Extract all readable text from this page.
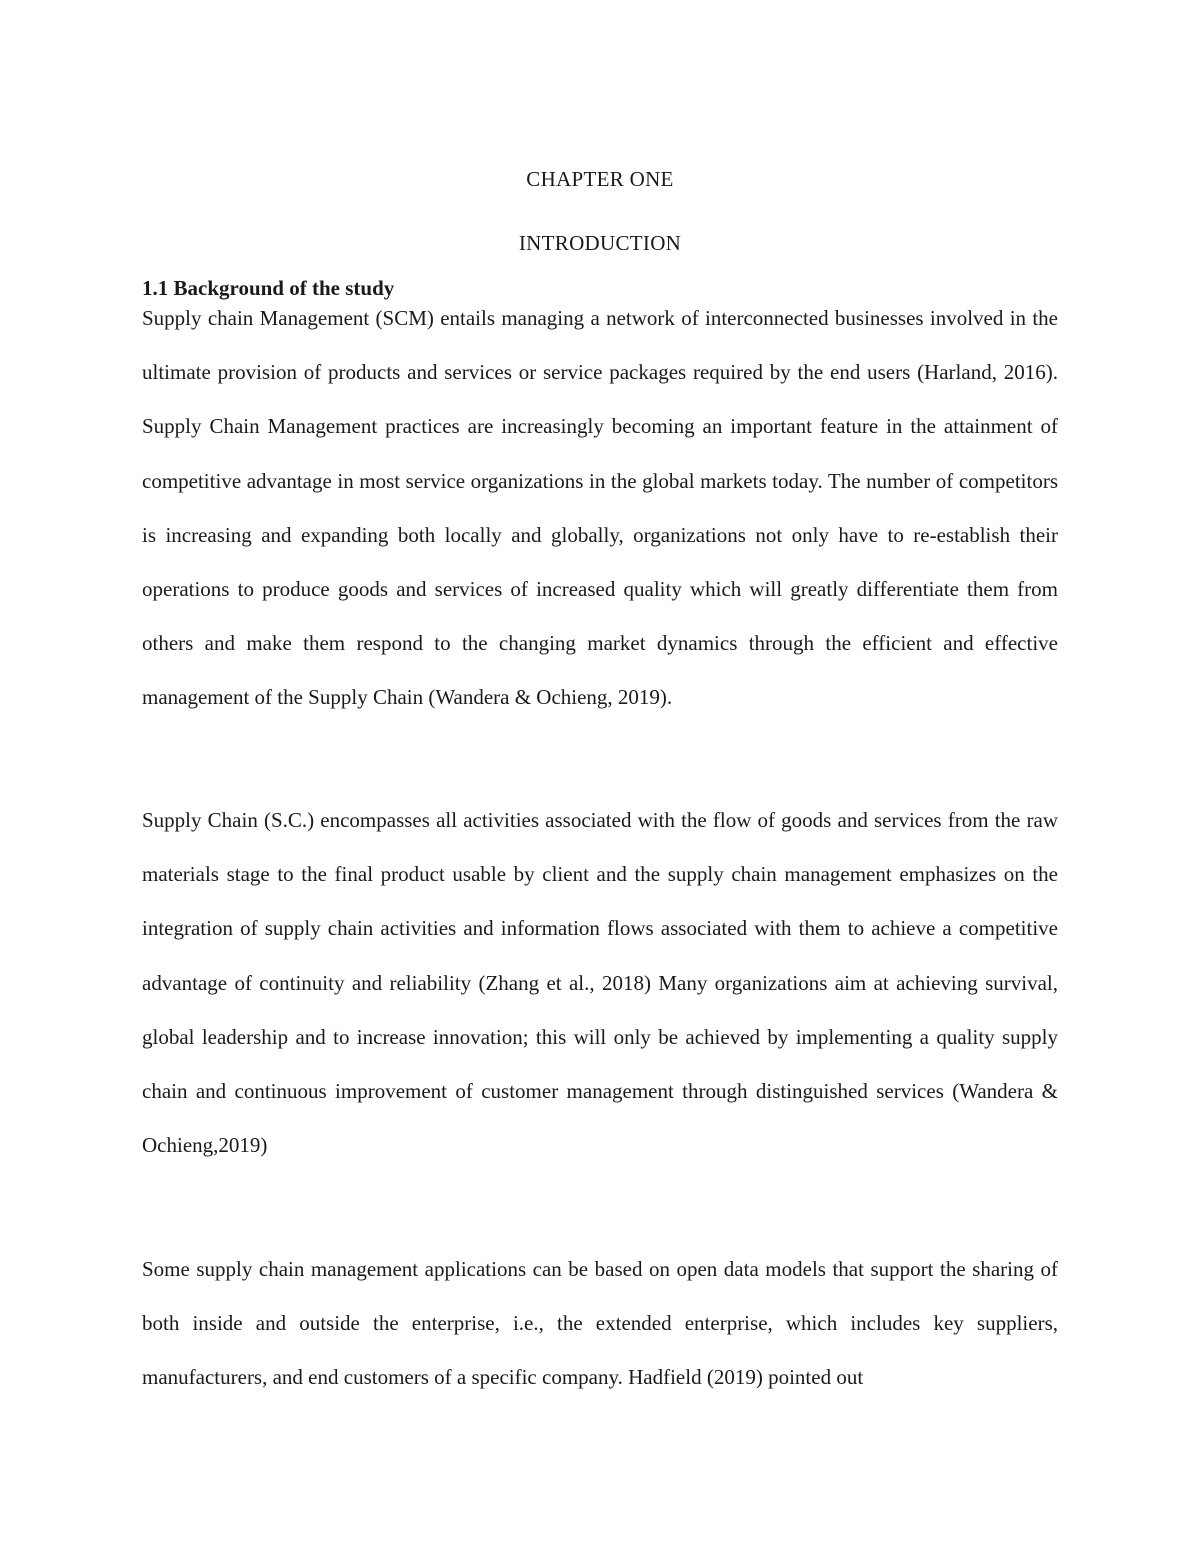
CHAPTER ONE
INTRODUCTION
1.1 Background of the study

Supply chain Management (SCM) entails managing a network of interconnected businesses involved in the ultimate provision of products and services or service packages required by the end users (Harland, 2016). Supply Chain Management practices are increasingly becoming an important feature in the attainment of competitive advantage in most service organizations in the global markets today. The number of competitors is increasing and expanding both locally and globally, organizations not only have to re-establish their operations to produce goods and services of increased quality which will greatly differentiate them from others and make them respond to the changing market dynamics through the efficient and effective management of the Supply Chain (Wandera & Ochieng, 2019).

Supply Chain (S.C.) encompasses all activities associated with the flow of goods and services from the raw materials stage to the final product usable by client and the supply chain management emphasizes on the integration of supply chain activities and information flows associated with them to achieve a competitive advantage of continuity and reliability (Zhang et al., 2018) Many organizations aim at achieving survival, global leadership and to increase innovation; this will only be achieved by implementing a quality supply chain and continuous improvement of customer management through distinguished services (Wandera & Ochieng,2019)

Some supply chain management applications can be based on open data models that support the sharing of both inside and outside the enterprise, i.e., the extended enterprise, which includes key suppliers, manufacturers, and end customers of a specific company. Hadfield (2019) pointed out
